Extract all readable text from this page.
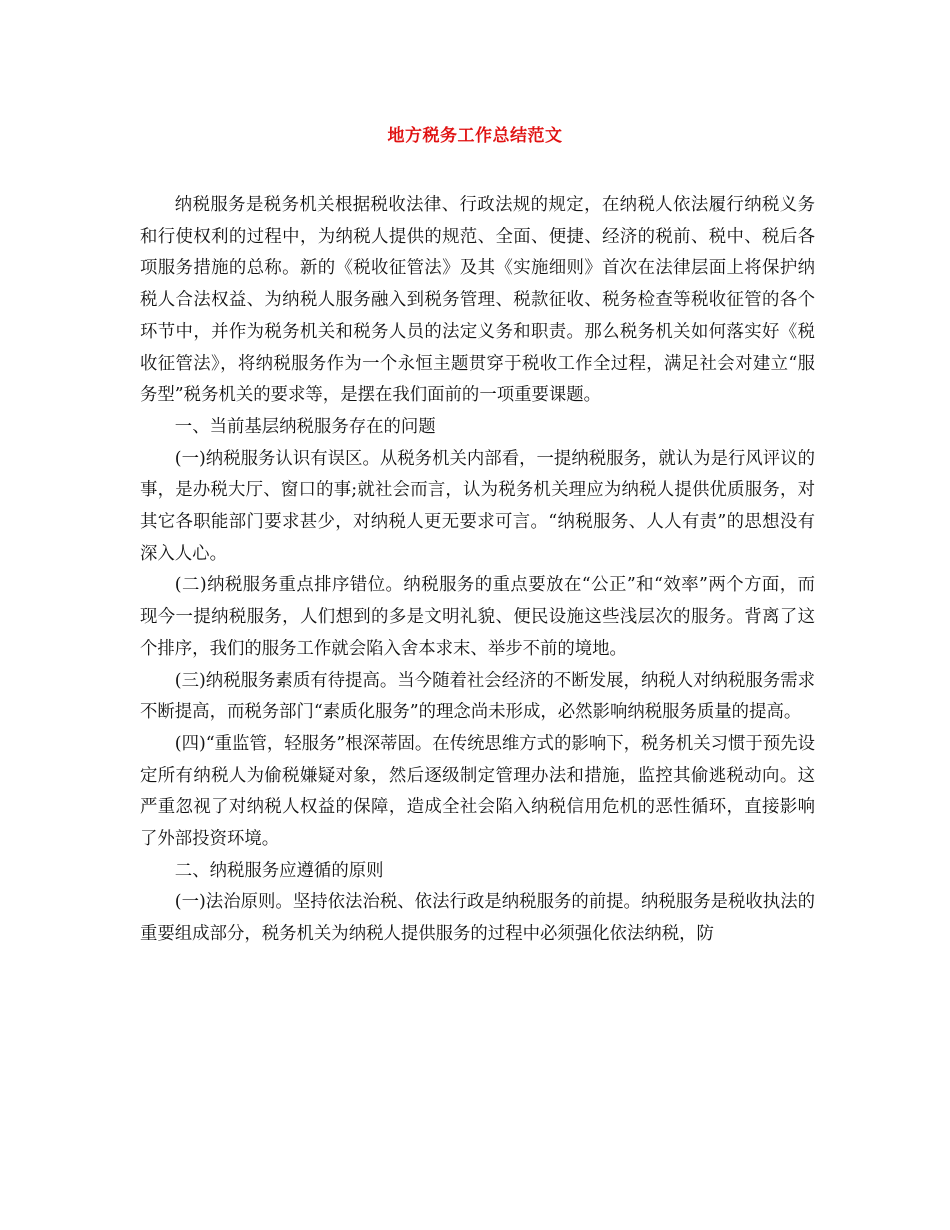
地方税务工作总结范文

纳税服务是税务机关根据税收法律、行政法规的规定，在纳税人依法履行纳税义务和行使权利的过程中，为纳税人提供的规范、全面、便捷、经济的税前、税中、税后各项服务措施的总称。新的《税收征管法》及其《实施细则》首次在法律层面上将保护纳税人合法权益、为纳税人服务融入到税务管理、税款征收、税务检查等税收征管的各个环节中，并作为税务机关和税务人员的法定义务和职责。那么税务机关如何落实好《税收征管法》，将纳税服务作为一个永恒主题贯穿于税收工作全过程，满足社会对建立“服务型”税务机关的要求等，是摆在我们面前的一项重要课题。

一、当前基层纳税服务存在的问题

(一)纳税服务认识有误区。从税务机关内部看，一提纳税服务，就认为是行风评议的事，是办税大厅、窗口的事;就社会而言，认为税务机关理应为纳税人提供优质服务，对其它各职能部门要求甚少，对纳税人更无要求可言。“纳税服务、人人有责”的思想没有深入人心。

(二)纳税服务重点排序错位。纳税服务的重点要放在“公正”和“效率”两个方面，而现今一提纳税服务，人们想到的多是文明礼貌、便民设施这些浅层次的服务。背离了这个排序，我们的服务工作就会陷入舍本求末、举步不前的境地。

(三)纳税服务素质有待提高。当今随着社会经济的不断发展，纳税人对纳税服务需求不断提高，而税务部门“素质化服务”的理念尚未形成，必然影响纳税服务质量的提高。

(四)“重监管，轻服务”根深蒂固。在传统思维方式的影响下，税务机关习惯于预先设定所有纳税人为偷税嫌疑对象，然后逐级制定管理办法和措施，监控其偷逃税动向。这严重忽视了对纳税人权益的保障，造成全社会陷入纳税信用危机的恶性循环，直接影响了外部投资环境。

二、纳税服务应遵循的原则

(一)法治原则。坚持依法治税、依法行政是纳税服务的前提。纳税服务是税收执法的重要组成部分，税务机关为纳税人提供服务的过程中必须强化依法纳税，防
